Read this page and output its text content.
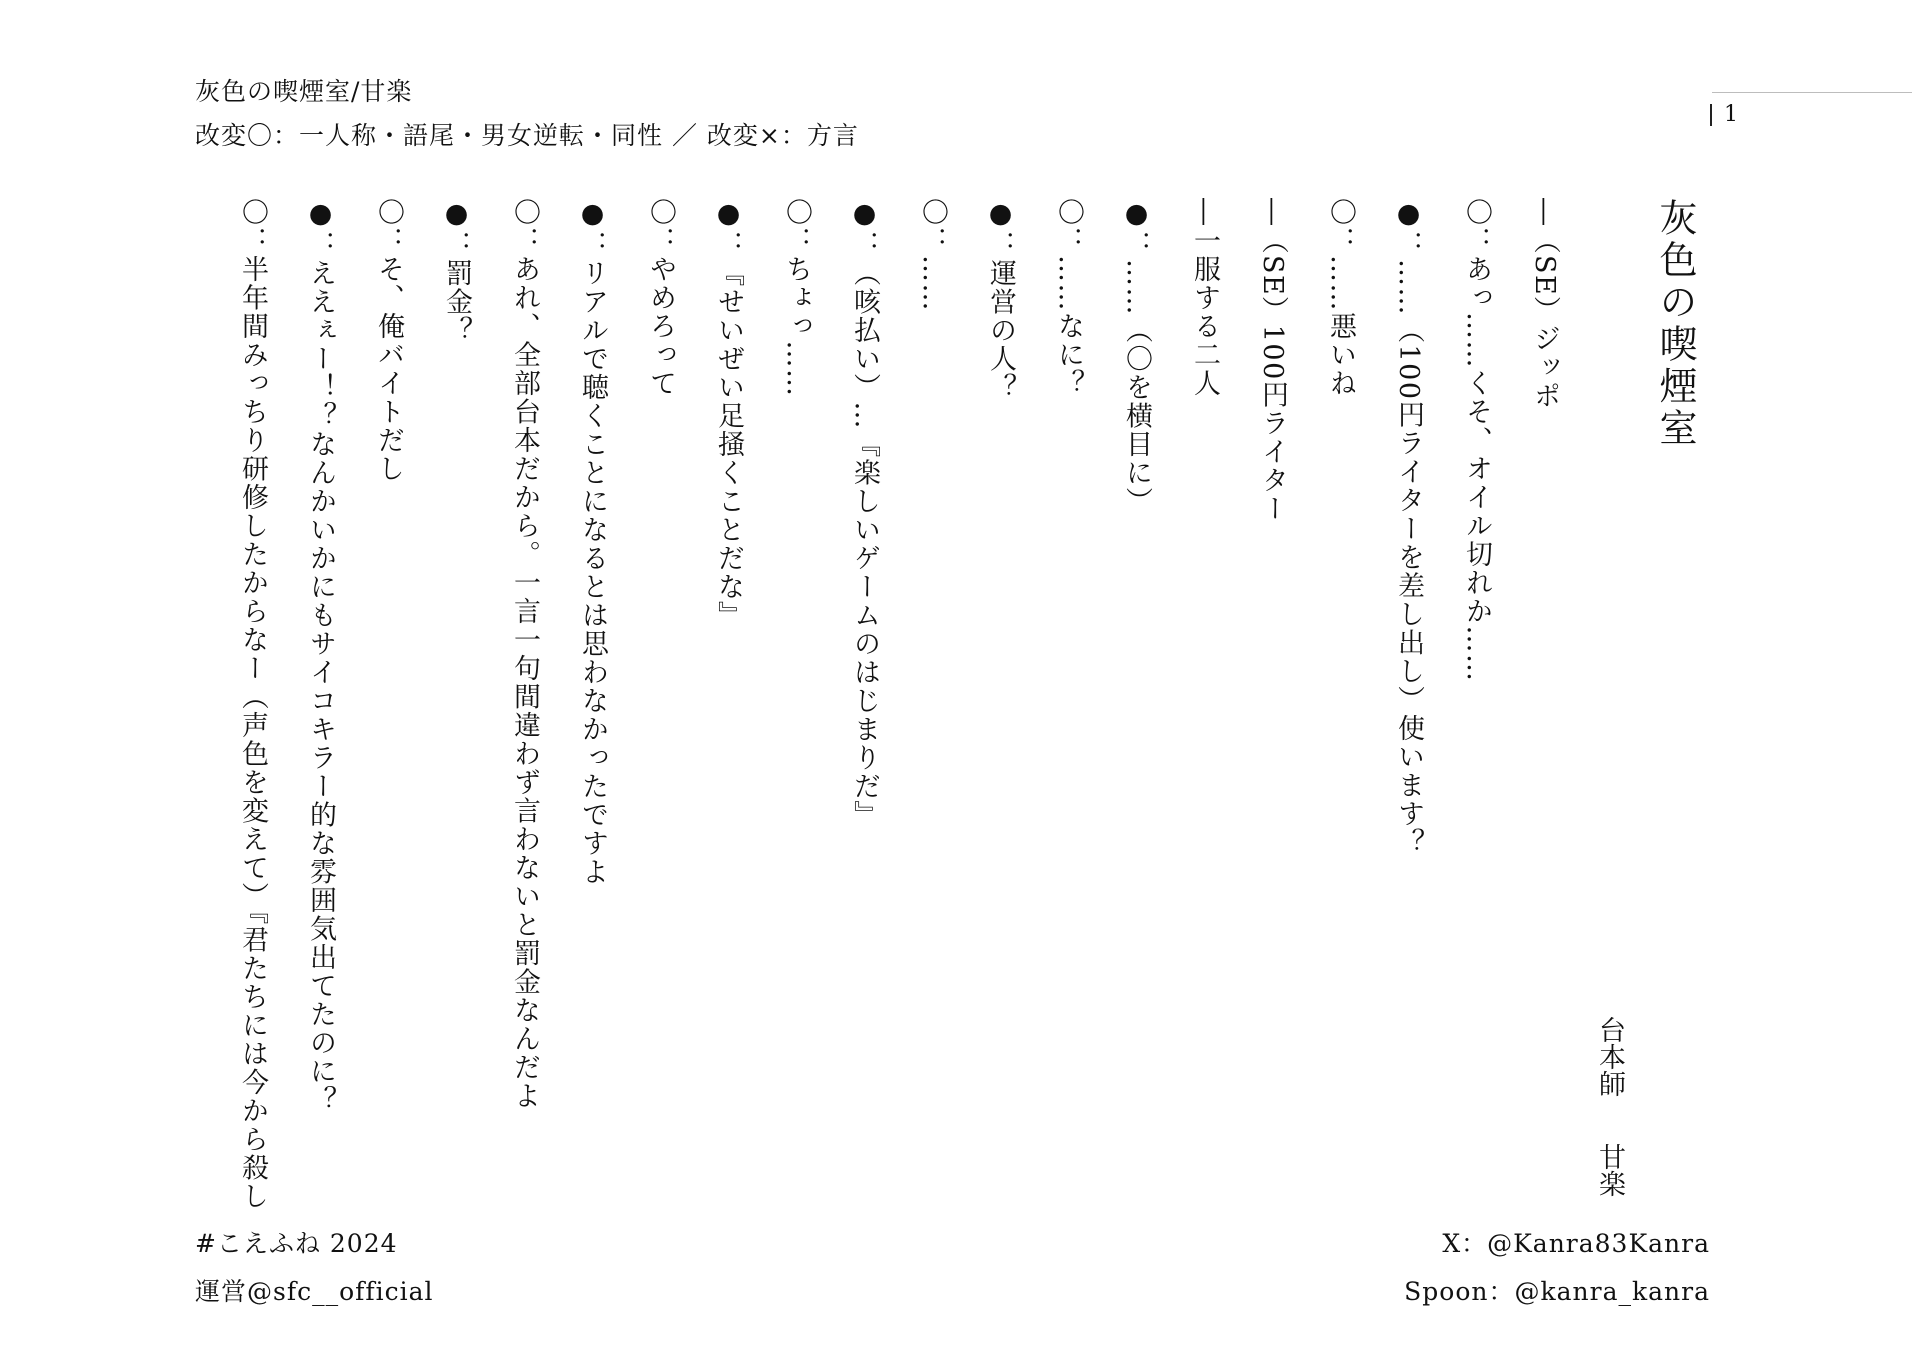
灰色の喫煙室/甘楽
改変〇：一人称・語尾・男女逆転・同性 ／ 改変×：方言
1
灰色の喫煙室
台本師甘楽
―（SE）ジッポ
〇：あっ……くそ、オイル切れか……
●：……（100円ライターを差し出し）使います？
〇：……悪いね
―（SE）100円ライター
―一服する二人
●：……（〇を横目に）
〇：……なに？
●：運営の人？
〇：……
●：（咳払い）…『楽しいゲームのはじまりだ』
〇：ちょっ……
●：『せいぜい足掻くことだな』
〇：やめろって
●：リアルで聴くことになるとは思わなかったですよ
〇：あれ、全部台本だから。一言一句間違わず言わないと罰金なんだよ
●：罰金？
〇：そ、俺バイトだし
●：ええぇー！？なんかいかにもサイコキラー的な雰囲気出てたのに？
〇：半年間みっちり研修したからなー（声色を変えて）『君たちには今から殺し
#こえふね 2024
運営@sfc__official
X：@Kanra83Kanra
Spoon：@kanra_kanra
